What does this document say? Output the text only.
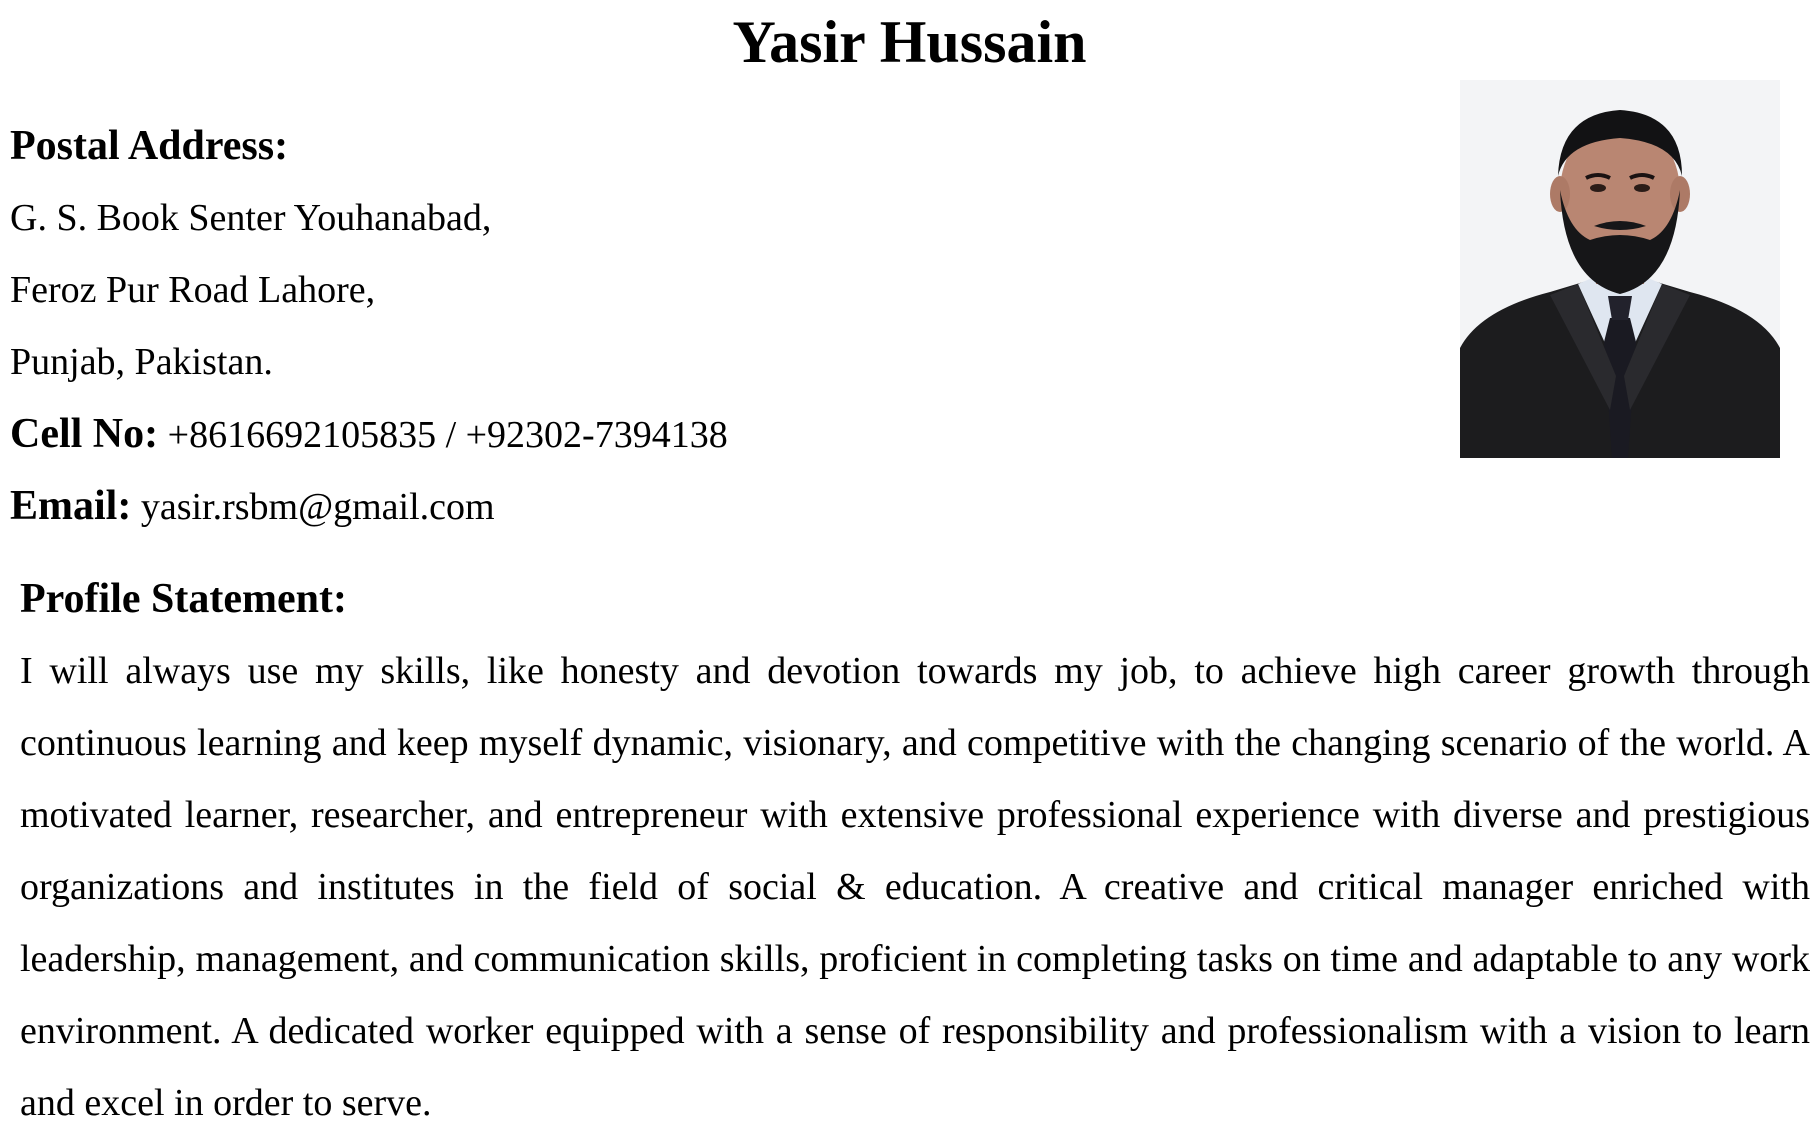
Yasir Hussain
Postal Address:
G. S. Book Senter Youhanabad,
Feroz Pur Road Lahore,
Punjab, Pakistan.
Cell No: +8616692105835 / +92302-7394138
Email: yasir.rsbm@gmail.com
Profile Statement:

I will always use my skills, like honesty and devotion towards my job, to achieve high career growth through continuous learning and keep myself dynamic, visionary, and competitive with the changing scenario of the world. A motivated learner, researcher, and entrepreneur with extensive professional experience with diverse and prestigious organizations and institutes in the field of social & education. A creative and critical manager enriched with leadership, management, and communication skills, proficient in completing tasks on time and adaptable to any work environment. A dedicated worker equipped with a sense of responsibility and professionalism with a vision to learn and excel in order to serve.
